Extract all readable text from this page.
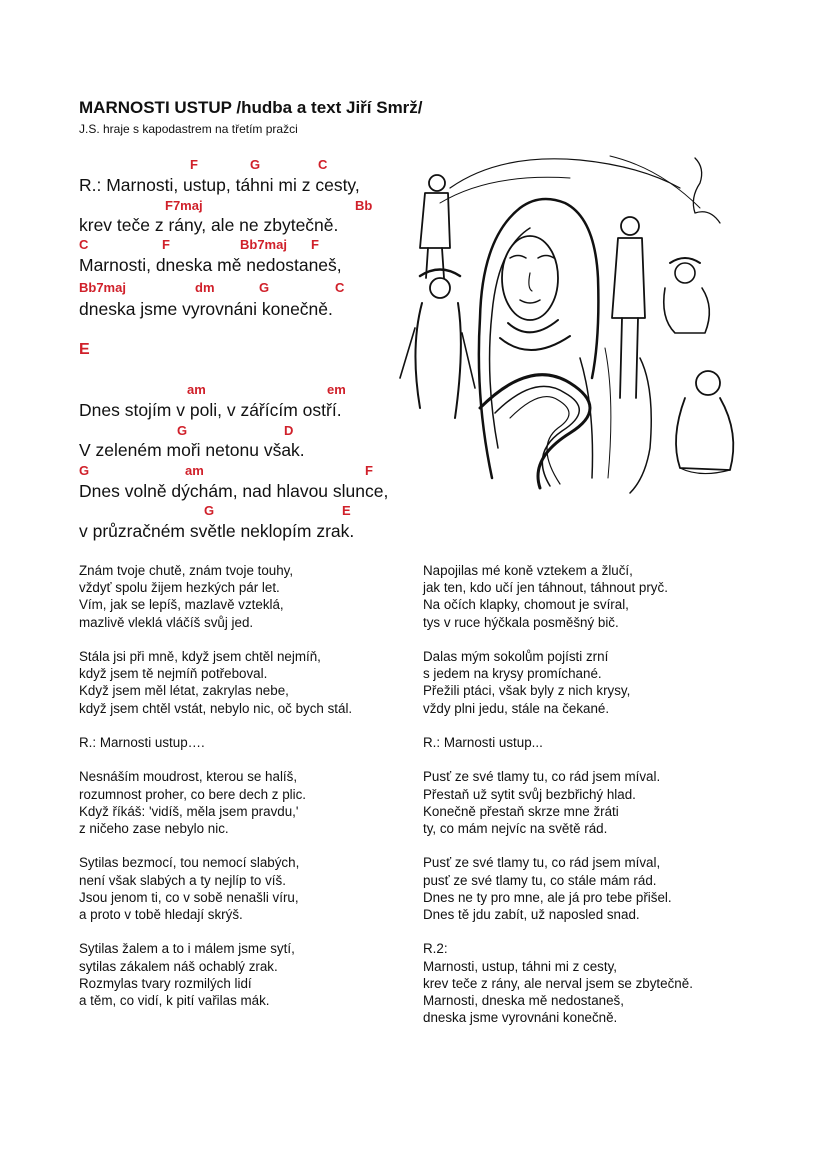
MARNOSTI USTUP /hudba a text Jiří Smrž/
J.S. hraje s kapodastrem na třetím pražci
F	G	C
R.: Marnosti, ustup, táhni mi z cesty,
F7maj	Bb
krev teče z rány, ale ne zbytečně.
C	F	Bb7maj F
Marnosti, dneska mě nedostaneš,
Bb7maj	dm	G	C
dneska jsme vyrovnáni konečně.
E
am	em
Dnes stojím v poli, v zářícím ostří.
G	D
V zeleném moři netonu však.
G	am	F
Dnes volně dýchám, nad hlavou slunce,
G	E
v průzračném světle neklopím zrak.
Znám tvoje chutě, znám tvoje touhy,
vždyť spolu žijem hezkých pár let.
Vím, jak se lepíš, mazlavě vzteklá,
mazlivě vleklá vláčíš svůj jed.
Stála jsi při mně, když jsem chtěl nejmíň,
když jsem tě nejmíň potřeboval.
Když jsem měl létat, zakrylas nebe,
když jsem chtěl vstát, nebylo nic, oč bych stál.
R.: Marnosti ustup….
Nesnáším moudrost, kterou se halíš,
rozumnost proher, co bere dech z plic.
Když říkáš: 'vidíš, měla jsem pravdu,'
z ničeho zase nebylo nic.
Sytilas bezmocí, tou nemocí slabých,
není však slabých a ty nejlíp to víš.
Jsou jenom ti, co v sobě nenašli víru,
a proto v tobě hledají skrýš.
Sytilas žalem a to i málem jsme sytí,
sytilas zákalem náš ochablý zrak.
Rozmylas tvary rozmilých lidí
a těm, co vidí, k pití vařilas mák.
Napojilas mé koně vztekem a žlučí,
jak ten, kdo učí jen táhnout, táhnout pryč.
Na očích klapky, chomout je svíral,
tys v ruce hýčkala posměšný bič.
Dalas mým sokolům pojísti zrní
s jedem na krysy promíchané.
Přežili ptáci, však byly z nich krysy,
vždy plni jedu, stále na čekané.
R.: Marnosti ustup...
Pusť ze své tlamy tu, co rád jsem míval.
Přestaň už sytit svůj bezbřichý hlad.
Konečně přestaň skrze mne žráti
ty, co mám nejvíc na světě rád.
Pusť ze své tlamy tu, co rád jsem míval,
pusť ze své tlamy tu, co stále mám rád.
Dnes ne ty pro mne, ale já pro tebe přišel.
Dnes tě jdu zabít, už naposled snad.
R.2:
Marnosti, ustup, táhni mi z cesty,
krev teče z rány, ale nerval jsem se zbytečně.
Marnosti, dneska mě nedostaneš,
dneska jsme vyrovnáni konečně.
